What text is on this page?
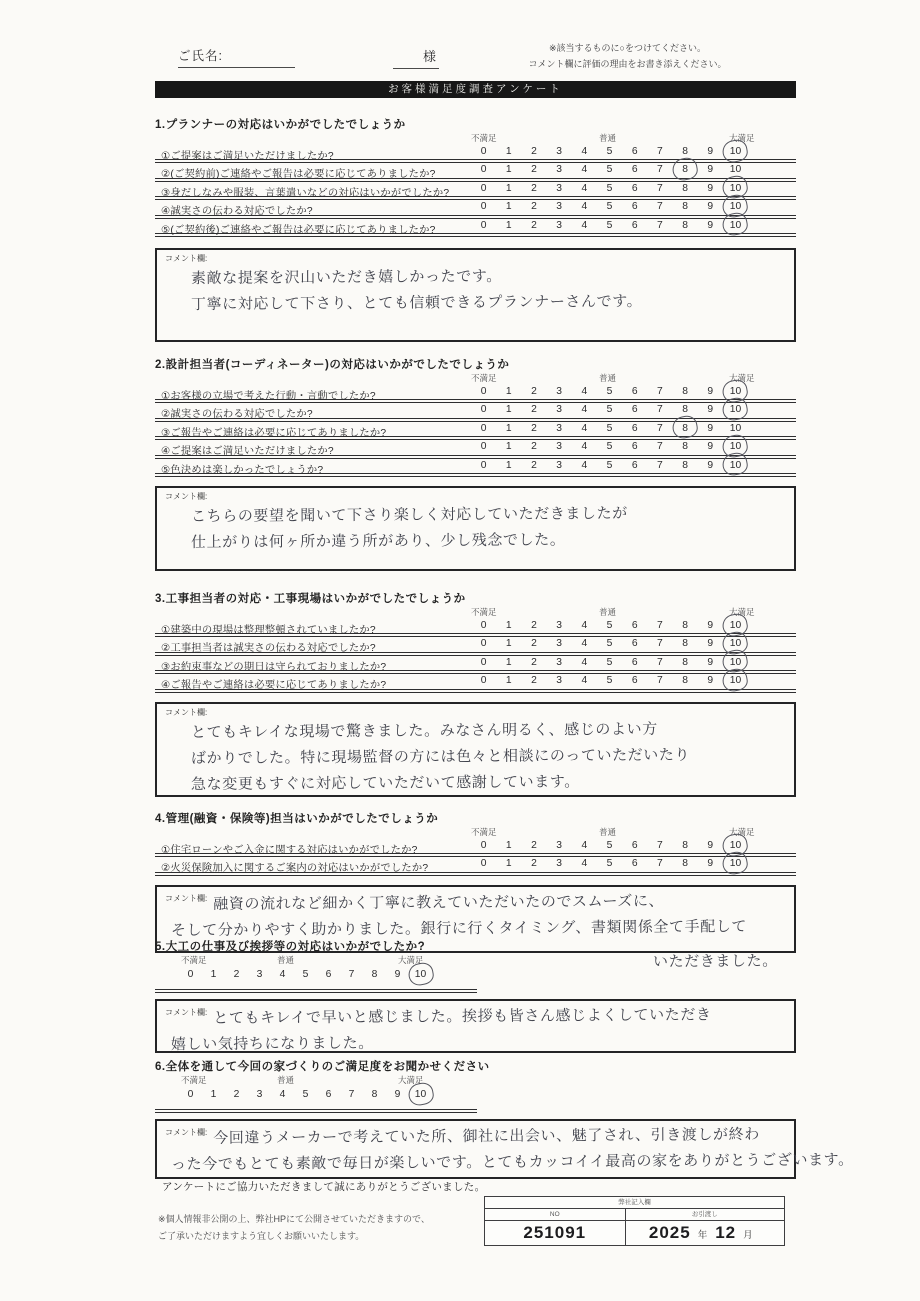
ご氏名:	様
※該当するものに○をつけてください。
コメント欄に評価の理由をお書き添えください。
お客様満足度調査アンケート
1.プランナーの対応はいかがでしたでしょうか
不満足	普通	大満足
①ご提案はご満足いただけましたか?	0	1	2	3	4	5	6	7	8	9	10
②(ご契約前)ご連絡やご報告は必要に応じてありましたか?	0	1	2	3	4	5	6	7	8	9	10
③身だしなみや服装、言葉遣いなどの対応はいかがでしたか?	0	1	2	3	4	5	6	7	8	9	10
④誠実さの伝わる対応でしたか?	0	1	2	3	4	5	6	7	8	9	10
⑤(ご契約後)ご連絡やご報告は必要に応じてありましたか?	0	1	2	3	4	5	6	7	8	9	10
コメント欄:
素敵な提案を沢山いただき嬉しかったです。
丁寧に対応して下さり、とても信頼できるプランナーさんです。
2.設計担当者(コーディネーター)の対応はいかがでしたでしょうか
不満足	普通	大満足
①お客様の立場で考えた行動・言動でしたか?	0	1	2	3	4	5	6	7	8	9	10
②誠実さの伝わる対応でしたか?	0	1	2	3	4	5	6	7	8	9	10
③ご報告やご連絡は必要に応じてありましたか?	0	1	2	3	4	5	6	7	8	9	10
④ご提案はご満足いただけましたか?	0	1	2	3	4	5	6	7	8	9	10
⑤色決めは楽しかったでしょうか?	0	1	2	3	4	5	6	7	8	9	10
コメント欄:
こちらの要望を聞いて下さり楽しく対応していただきましたが
仕上がりは何ヶ所か違う所があり、少し残念でした。
3.工事担当者の対応・工事現場はいかがでしたでしょうか
不満足	普通	大満足
①建築中の現場は整理整頓されていましたか?	0	1	2	3	4	5	6	7	8	9	10
②工事担当者は誠実さの伝わる対応でしたか?	0	1	2	3	4	5	6	7	8	9	10
③お約束事などの期日は守られておりましたか?	0	1	2	3	4	5	6	7	8	9	10
④ご報告やご連絡は必要に応じてありましたか?	0	1	2	3	4	5	6	7	8	9	10
コメント欄:
とてもキレイな現場で驚きました。みなさん明るく、感じのよい方
ばかりでした。特に現場監督の方には色々と相談にのっていただいたり
急な変更もすぐに対応していただいて感謝しています。
4.管理(融資・保険等)担当はいかがでしたでしょうか
不満足	普通	大満足
①住宅ローンやご入金に関する対応はいかがでしたか?	0	1	2	3	4	5	6	7	8	9	10
②火災保険加入に関するご案内の対応はいかがでしたか?	0	1	2	3	4	5	6	7	8	9	10
コメント欄: 融資の流れなど細かく丁寧に教えていただいたのでスムーズに、
そして分かりやすく助かりました。銀行に行くタイミング、書類関係全て手配して
いただきました。
5.大工の仕事及び挨拶等の対応はいかがでしたか?
不満足	普通	大満足
0	1	2	3	4	5	6	7	8	9	10
コメント欄: とてもキレイで早いと感じました。挨拶も皆さん感じよくしていただき
嬉しい気持ちになりました。
6.全体を通して今回の家づくりのご満足度をお聞かせください
不満足	普通	大満足
0	1	2	3	4	5	6	7	8	9	10
コメント欄: 今回違うメーカーで考えていた所、御社に出会い、魅了され、引き渡しが終わ
った今でもとても素敵で毎日が楽しいです。とてもカッコイイ最高の家をありがとうございます。
アンケートにご協力いただきまして誠にありがとうございました。
※個人情報非公開の上、弊社HPにて公開させていただきますので、
ご了承いただけますよう宜しくお願いいたします。
弊社記入欄
NO
251091
お引渡し
2025 年 12 月
